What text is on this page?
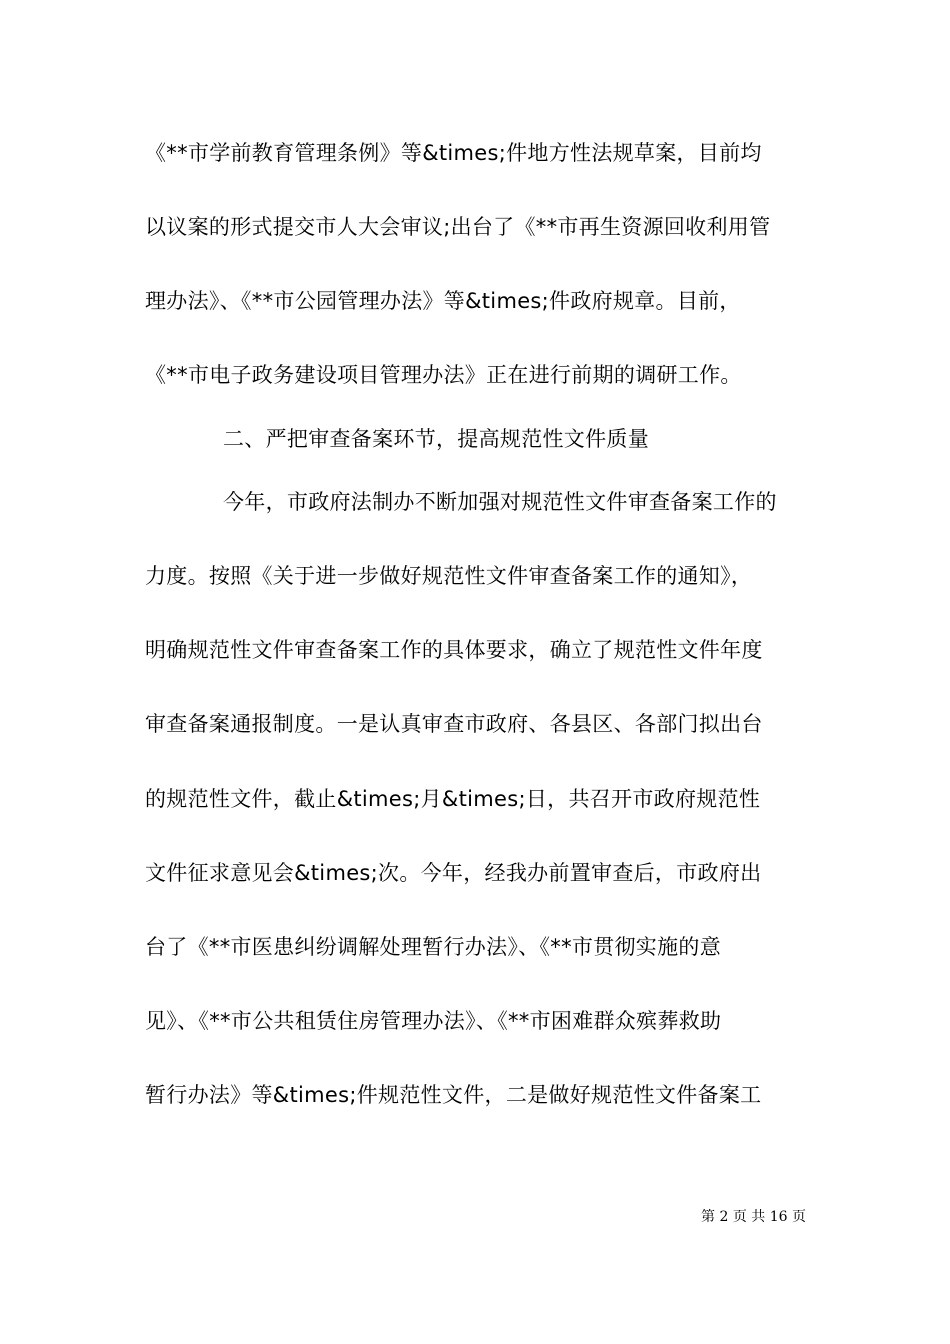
《**市学前教育管理条例》等&times;件地方性法规草案，目前均
以议案的形式提交市人大会审议;出台了《**市再生资源回收利用管
理办法》、《**市公园管理办法》等&times;件政府规章。目前，
《**市电子政务建设项目管理办法》正在进行前期的调研工作。
二、严把审查备案环节，提高规范性文件质量
今年，市政府法制办不断加强对规范性文件审查备案工作的
力度。按照《关于进一步做好规范性文件审查备案工作的通知》，
明确规范性文件审查备案工作的具体要求，确立了规范性文件年度
审查备案通报制度。一是认真审查市政府、各县区、各部门拟出台
的规范性文件，截止&times;月&times;日，共召开市政府规范性
文件征求意见会&times;次。今年，经我办前置审查后，市政府出
台了《**市医患纠纷调解处理暂行办法》、《**市贯彻实施的意
见》、《**市公共租赁住房管理办法》、《**市困难群众殡葬救助
暂行办法》等&times;件规范性文件，二是做好规范性文件备案工
第 2 页 共 16 页
